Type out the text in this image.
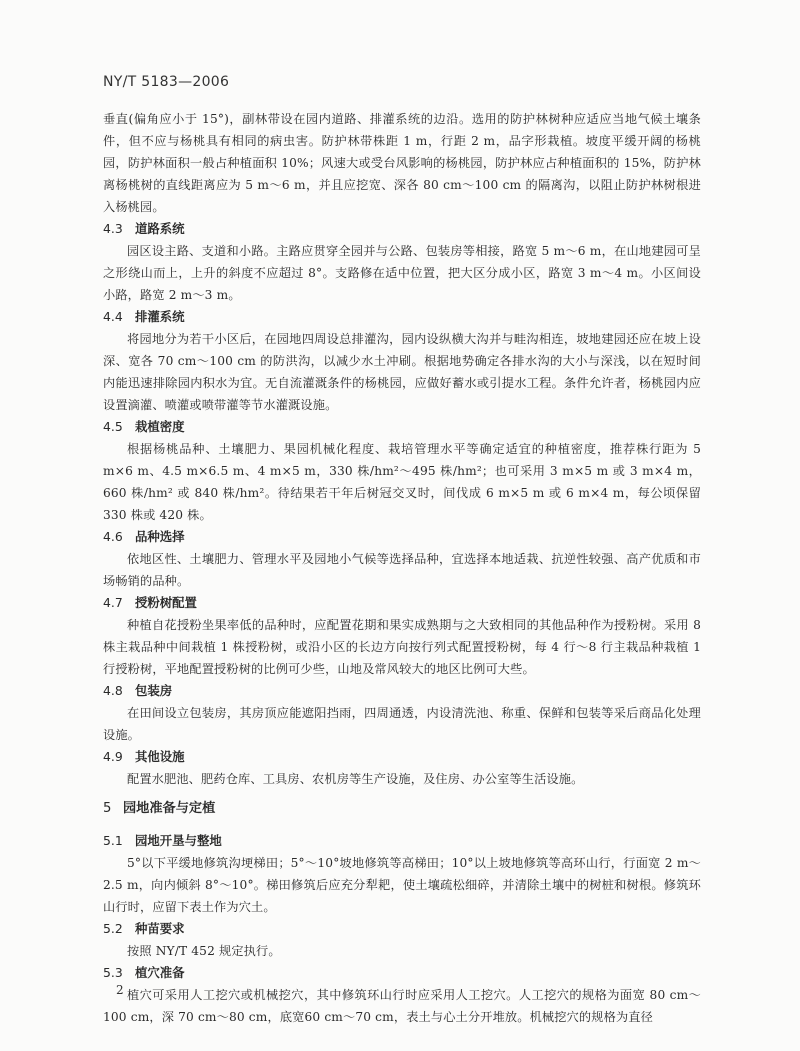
NY/T 5183—2006

垂直(偏角应小于 15°)，副林带设在园内道路、排灌系统的边沿。选用的防护林树种应适应当地气候土壤条件，但不应与杨桃具有相同的病虫害。防护林带株距 1 m，行距 2 m，品字形栽植。坡度平缓开阔的杨桃园，防护林面积一般占种植面积 10%；风速大或受台风影响的杨桃园，防护林应占种植面积的 15%，防护林离杨桃树的直线距离应为 5 m～6 m，并且应挖宽、深各 80 cm～100 cm 的隔离沟，以阻止防护林树根进入杨桃园。

4.3 道路系统

园区设主路、支道和小路。主路应贯穿全园并与公路、包装房等相接，路宽 5 m～6 m，在山地建园可呈之形绕山而上，上升的斜度不应超过 8°。支路修在适中位置，把大区分成小区，路宽 3 m～4 m。小区间设小路，路宽 2 m～3 m。

4.4 排灌系统

将园地分为若干小区后，在园地四周设总排灌沟，园内设纵横大沟并与畦沟相连，坡地建园还应在坡上设深、宽各 70 cm～100 cm 的防洪沟，以减少水土冲刷。根据地势确定各排水沟的大小与深浅，以在短时间内能迅速排除园内积水为宜。无自流灌溉条件的杨桃园，应做好蓄水或引提水工程。条件允许者，杨桃园内应设置滴灌、喷灌或喷带灌等节水灌溉设施。

4.5 栽植密度

根据杨桃品种、土壤肥力、果园机械化程度、栽培管理水平等确定适宜的种植密度，推荐株行距为 5 m×6 m、4.5 m×6.5 m、4 m×5 m，330 株/hm²～495 株/hm²；也可采用 3 m×5 m 或 3 m×4 m，660 株/hm² 或 840 株/hm²。待结果若干年后树冠交叉时，间伐成 6 m×5 m 或 6 m×4 m，每公顷保留 330 株或 420 株。

4.6 品种选择

依地区性、土壤肥力、管理水平及园地小气候等选择品种，宜选择本地适栽、抗逆性较强、高产优质和市场畅销的品种。

4.7 授粉树配置

种植自花授粉坐果率低的品种时，应配置花期和果实成熟期与之大致相同的其他品种作为授粉树。采用 8 株主栽品种中间栽植 1 株授粉树，或沿小区的长边方向按行列式配置授粉树，每 4 行～8 行主栽品种栽植 1 行授粉树，平地配置授粉树的比例可少些，山地及常风较大的地区比例可大些。

4.8 包装房

在田间设立包装房，其房顶应能遮阳挡雨，四周通透，内设清洗池、称重、保鲜和包装等采后商品化处理设施。

4.9 其他设施

配置水肥池、肥药仓库、工具房、农机房等生产设施，及住房、办公室等生活设施。

5 园地准备与定植
5.1 园地开垦与整地

5°以下平缓地修筑沟埂梯田；5°～10°坡地修筑等高梯田；10°以上坡地修筑等高环山行，行面宽 2 m～2.5 m，向内倾斜 8°～10°。梯田修筑后应充分犁耙，使土壤疏松细碎，并清除土壤中的树桩和树根。修筑环山行时，应留下表土作为穴土。

5.2 种苗要求

按照 NY/T 452 规定执行。

5.3 植穴准备

植穴可采用人工挖穴或机械挖穴，其中修筑环山行时应采用人工挖穴。人工挖穴的规格为面宽 80 cm～100 cm，深 70 cm～80 cm，底宽60 cm～70 cm，表土与心土分开堆放。机械挖穴的规格为直径

2
